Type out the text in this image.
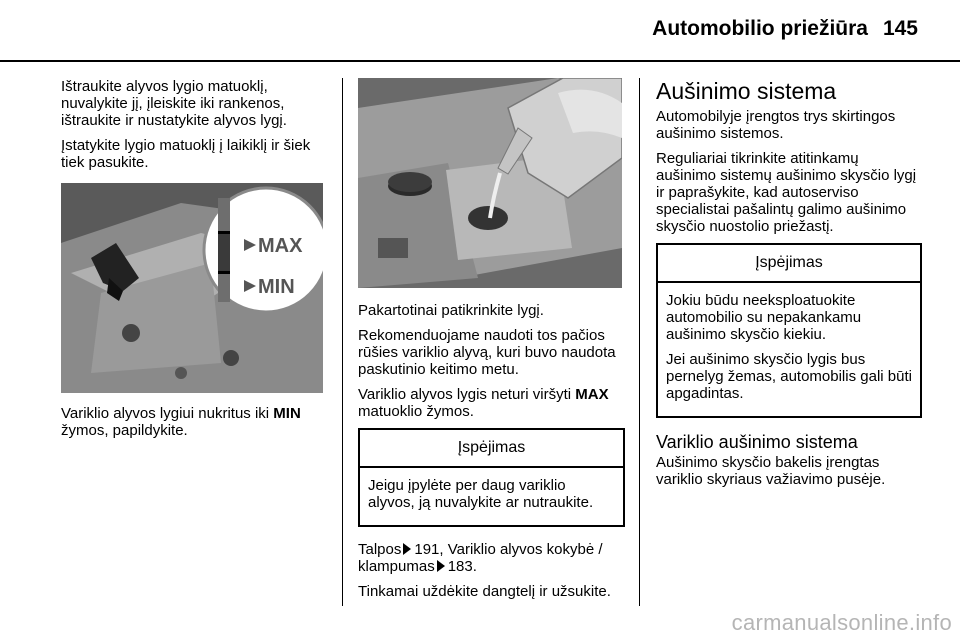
Automobilio priežiūra 145

Ištraukite alyvos lygio matuoklį, nuvalykite jį, įleiskite iki rankenos, ištraukite ir nustatykite alyvos lygį.

Įstatykite lygio matuoklį į laikiklį ir šiek tiek pasukite.

MAX
MIN

Variklio alyvos lygiui nukritus iki MIN žymos, papildykite.

Pakartotinai patikrinkite lygį.

Rekomenduojame naudoti tos pačios rūšies variklio alyvą, kuri buvo naudota paskutinio keitimo metu.

Variklio alyvos lygis neturi viršyti MAX matuoklio žymos.

Įspėjimas

Jeigu įpylėte per daug variklio alyvos, ją nuvalykite ar nutraukite.

Talpos 191, Variklio alyvos kokybė / klampumas 183.

Tinkamai uždėkite dangtelį ir užsukite.

Aušinimo sistema

Automobilyje įrengtos trys skirtingos aušinimo sistemos.

Reguliariai tikrinkite atitinkamų aušinimo sistemų aušinimo skysčio lygį ir paprašykite, kad autoserviso specialistai pašalintų galimo aušinimo skysčio nuostolio priežastį.

Įspėjimas

Jokiu būdu neeksploatuokite automobilio su nepakankamu aušinimo skysčio kiekiu.

Jei aušinimo skysčio lygis bus pernelyg žemas, automobilis gali būti apgadintas.

Variklio aušinimo sistema

Aušinimo skysčio bakelis įrengtas variklio skyriaus važiavimo pusėje.

carmanualsonline.info
